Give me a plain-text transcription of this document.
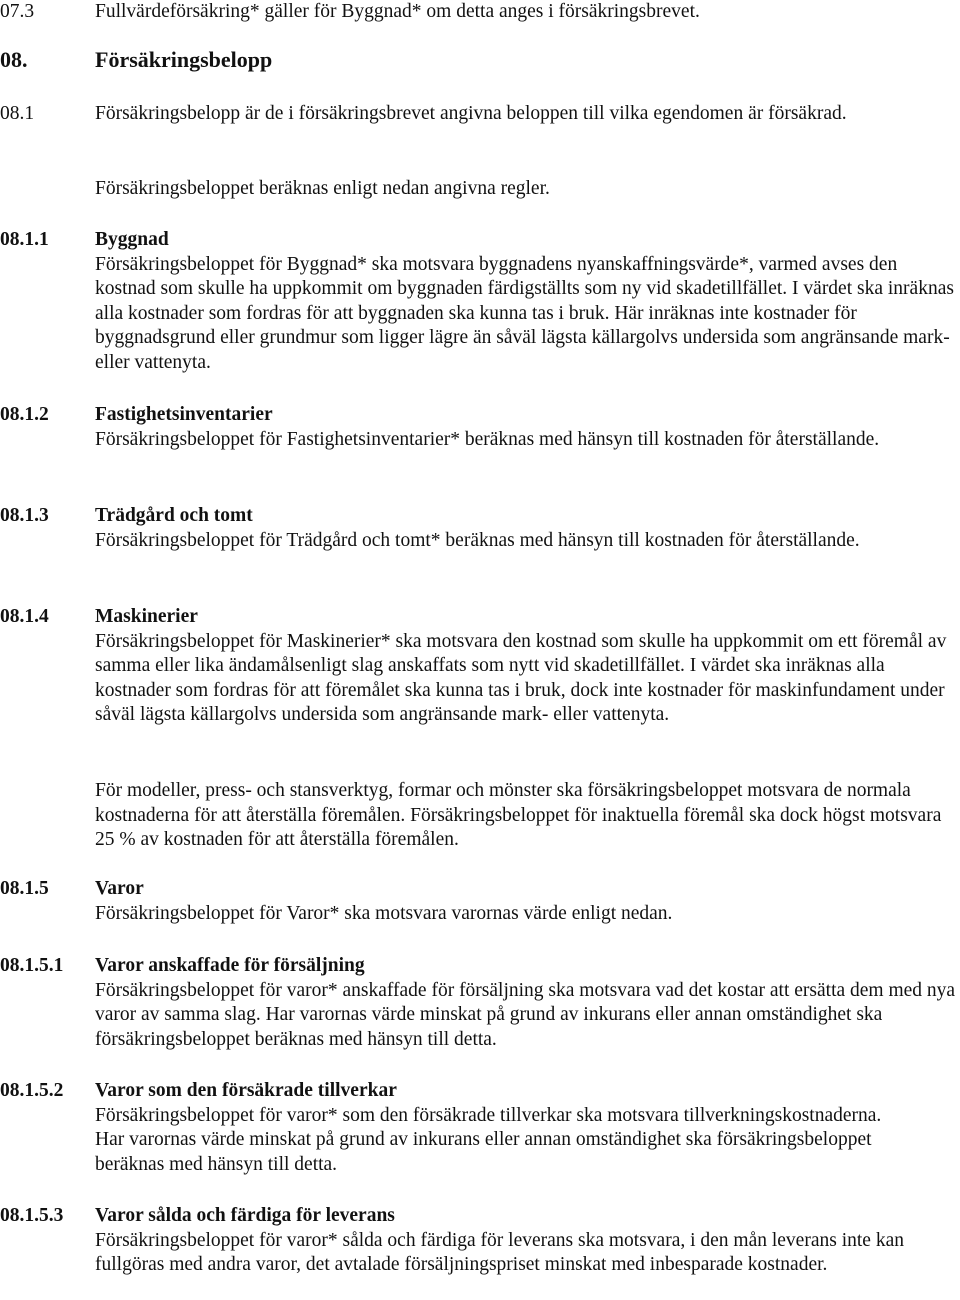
07.3	Fullvärdeförsäkring* gäller för Byggnad* om detta anges i försäkringsbrevet.
08.	Försäkringsbelopp
08.1	Försäkringsbelopp är de i försäkringsbrevet angivna beloppen till vilka egendomen är försäkrad.
Försäkringsbeloppet beräknas enligt nedan angivna regler.
08.1.1 Byggnad

Försäkringsbeloppet för Byggnad* ska motsvara byggnadens nyanskaffningsvärde*, varmed avses den kostnad som skulle ha uppkommit om byggnaden färdigställts som ny vid skadetillfället. I värdet ska inräknas alla kostnader som fordras för att byggnaden ska kunna tas i bruk. Här inräknas inte kostnader för byggnadsgrund eller grundmur som ligger lägre än såväl lägsta källargolvs undersida som angränsande mark- eller vattenyta.

08.1.2 Fastighetsinventarier

Försäkringsbeloppet för Fastighetsinventarier* beräknas med hänsyn till kostnaden för återställande.

08.1.3 Trädgård och tomt

Försäkringsbeloppet för Trädgård och tomt* beräknas med hänsyn till kostnaden för återställande.

08.1.4 Maskinerier

Försäkringsbeloppet för Maskinerier* ska motsvara den kostnad som skulle ha uppkommit om ett föremål av samma eller lika ändamålsenligt slag anskaffats som nytt vid skadetillfället. I värdet ska inräknas alla kostnader som fordras för att föremålet ska kunna tas i bruk, dock inte kostnader för maskinfundament under såväl lägsta källargolvs undersida som angränsande mark- eller vattenyta.

För modeller, press- och stansverktyg, formar och mönster ska försäkringsbeloppet motsvara de normala kostnaderna för att återställa föremålen. Försäkringsbeloppet för inaktuella föremål ska dock högst motsvara 25 % av kostnaden för att återställa föremålen.
08.1.5 Varor

Försäkringsbeloppet för Varor* ska motsvara varornas värde enligt nedan.

08.1.5.1 Varor anskaffade för försäljning

Försäkringsbeloppet för varor* anskaffade för försäljning ska motsvara vad det kostar att ersätta dem med nya varor av samma slag. Har varornas värde minskat på grund av inkurans eller annan omständighet ska försäkringsbeloppet beräknas med hänsyn till detta.

08.1.5.2 Varor som den försäkrade tillverkar

Försäkringsbeloppet för varor* som den försäkrade tillverkar ska motsvara tillverkningskostnaderna. Har varornas värde minskat på grund av inkurans eller annan omständighet ska försäkringsbeloppet beräknas med hänsyn till detta.

08.1.5.3 Varor sålda och färdiga för leverans

Försäkringsbeloppet för varor* sålda och färdiga för leverans ska motsvara, i den mån leverans inte kan fullgöras med andra varor, det avtalade försäljningspriset minskat med inbesparade kostnader.
